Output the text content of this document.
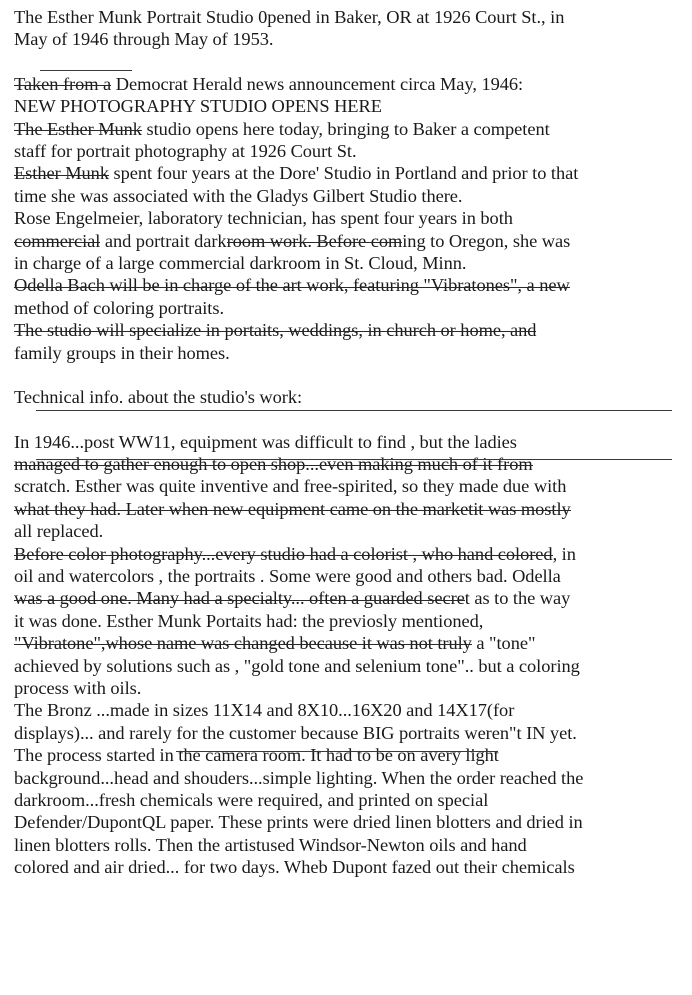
The Esther Munk Portrait Studio 0pened in Baker, OR at 1926 Court St., in
May of 1946 through May of 1953.
Taken from a Democrat Herald news announcement circa May, 1946:
NEW PHOTOGRAPHY STUDIO OPENS HERE
The Esther Munk studio opens here today, bringing to Baker a competent
staff for portrait photography at 1926 Court St.
Esther Munk spent four years at the Dore' Studio in Portland and prior to that
time she was associated with the Gladys Gilbert Studio there.
Rose Engelmeier, laboratory technician, has spent four years in both
commercial and portrait darkroom work. Before coming to Oregon, she was
in charge of a large commercial darkroom in St. Cloud, Minn.
Odella Bach will be in charge of the art work, featuring "Vibratones", a new
method of coloring portraits.
The studio will specialize in portaits, weddings, in church or home, and
family groups in their homes.
Technical info. about the studio's work:
In 1946...post WW11, equipment was difficult to find , but the ladies
managed to gather enough to open shop...even making much of it from
scratch. Esther was quite inventive and free-spirited, so they made due with
what they had. Later when new equipment came on the marketit was mostly
all replaced.
Before color photography...every studio had a colorist , who hand colored, in
oil and watercolors , the portraits . Some were good and others bad. Odella
was a good one. Many had a specialty... often a guarded secret as to the way
it was done. Esther Munk Portaits had: the previosly mentioned,
"Vibratone",whose name was changed because it was not truly a "tone"
achieved by solutions such as , "gold tone and selenium tone".. but a coloring
process with oils.
The Bronz ...made in sizes 11X14 and 8X10...16X20 and 14X17(for
displays)... and rarely for the customer because BIG portraits weren"t IN yet.
The process started in the camera room. It had to be on avery light
background...head and shouders...simple lighting. When the order reached the
darkroom...fresh chemicals were required, and printed on special
Defender/DupontQL paper. These prints were dried linen blotters and dried in
linen blotters rolls. Then the artistused Windsor-Newton oils and hand
colored and air dried... for two days. Wheb Dupont fazed out their chemicals
